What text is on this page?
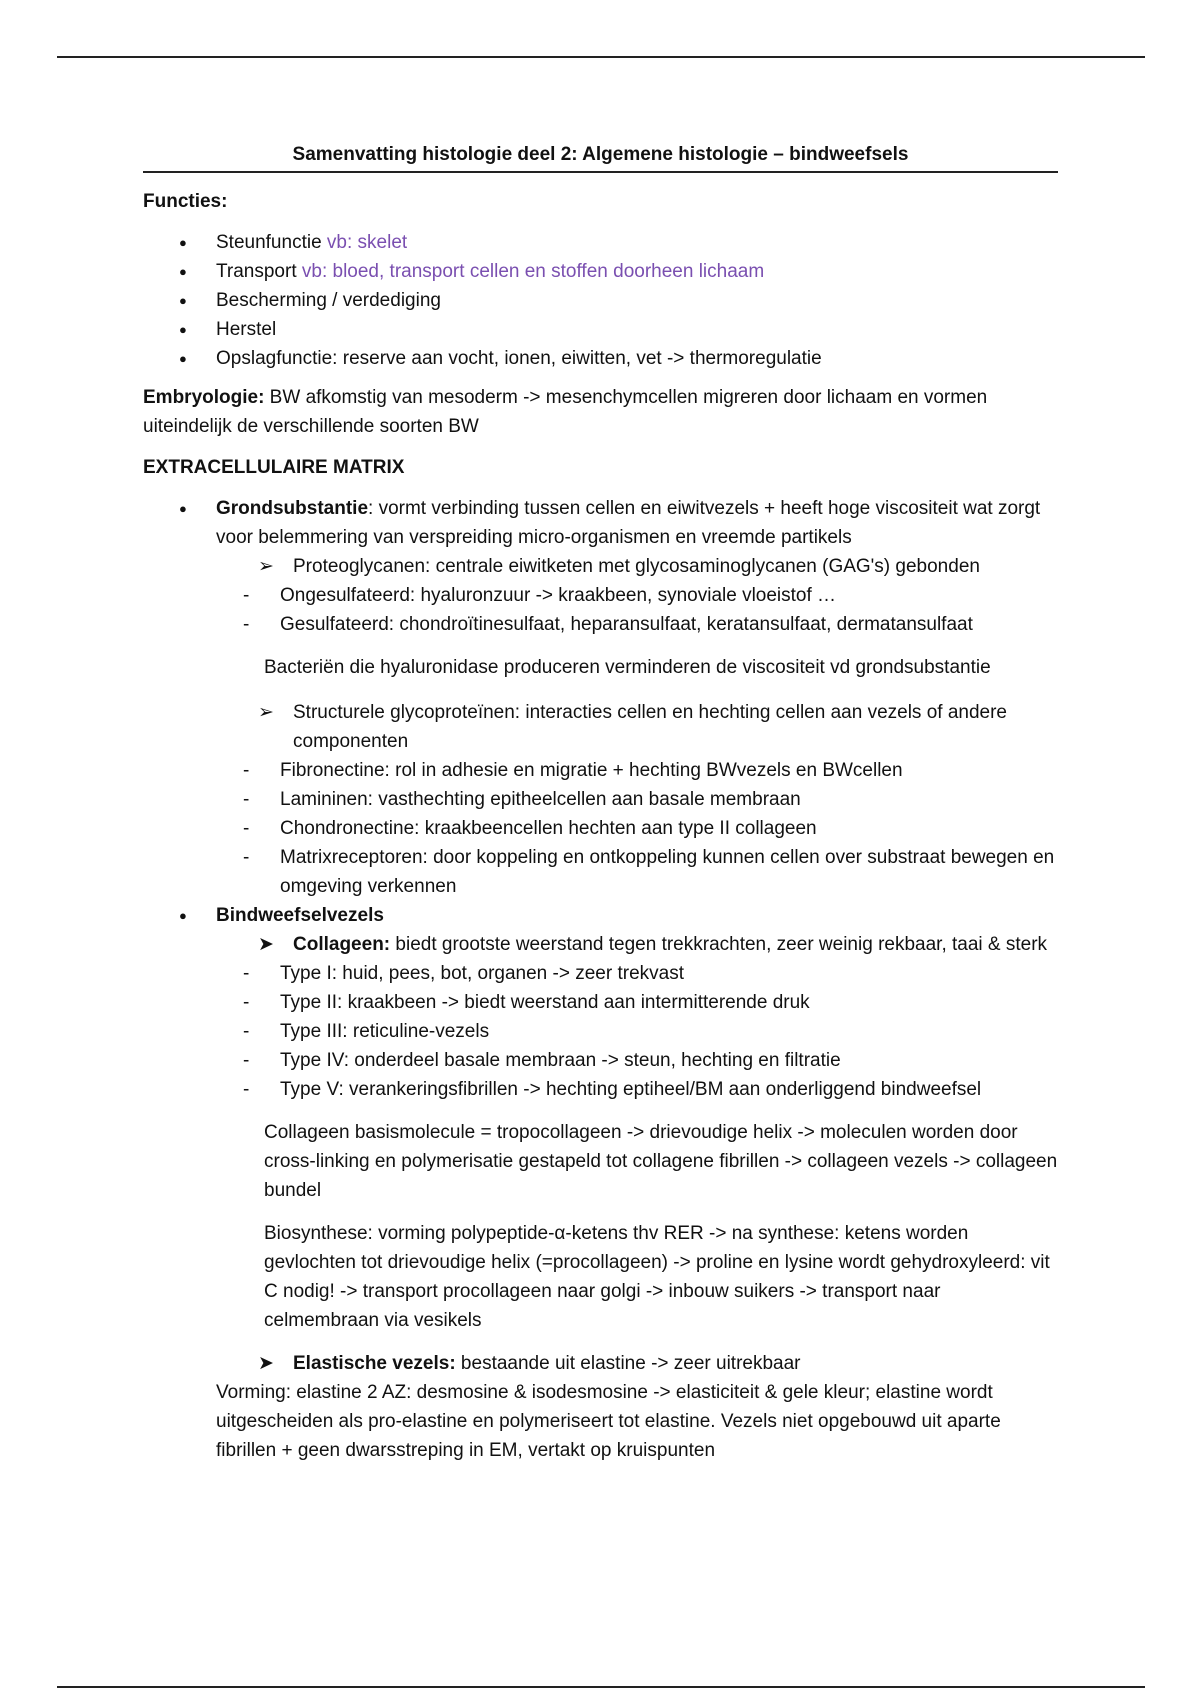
Samenvatting histologie deel 2: Algemene histologie – bindweefsels
Functies:
● Steunfunctie vb: skelet
● Transport vb: bloed, transport cellen en stoffen doorheen lichaam
● Bescherming / verdediging
● Herstel
● Opslagfunctie: reserve aan vocht, ionen, eiwitten, vet -> thermoregulatie
Embryologie: BW afkomstig van mesoderm -> mesenchymcellen migreren door lichaam en vormen uiteindelijk de verschillende soorten BW
EXTRACELLULAIRE MATRIX
● Grondsubstantie: vormt verbinding tussen cellen en eiwitvezels + heeft hoge viscositeit wat zorgt voor belemmering van verspreiding micro-organismen en vreemde partikels
➢ Proteoglycanen: centrale eiwitketen met glycosaminoglycanen (GAG's) gebonden
- Ongesulfateerd: hyaluronzuur -> kraakbeen, synoviale vloeistof …
- Gesulfateerd: chondroïtinesulfaat, heparansulfaat, keratansulfaat, dermatansulfaat
Bacteriën die hyaluronidase produceren verminderen de viscositeit vd grondsubstantie
➢ Structurele glycoproteïnen: interacties cellen en hechting cellen aan vezels of andere componenten
- Fibronectine: rol in adhesie en migratie + hechting BWvezels en BWcellen
- Lamininen: vasthechting epitheelcellen aan basale membraan
- Chondronectine: kraakbeencellen hechten aan type II collageen
- Matrixreceptoren: door koppeling en ontkoppeling kunnen cellen over substraat bewegen en omgeving verkennen
● Bindweefselvezels
➤ Collageen: biedt grootste weerstand tegen trekkrachten, zeer weinig rekbaar, taai & sterk
- Type I: huid, pees, bot, organen -> zeer trekvast
- Type II: kraakbeen -> biedt weerstand aan intermitterende druk
- Type III: reticuline-vezels
- Type IV: onderdeel basale membraan -> steun, hechting en filtratie
- Type V: verankeringsfibrillen -> hechting eptiheel/BM aan onderliggend bindweefsel
Collageen basismolecule = tropocollageen -> drievoudige helix -> moleculen worden door cross-linking en polymerisatie gestapeld tot collagene fibrillen -> collageen vezels -> collageen bundel
Biosynthese: vorming polypeptide-α-ketens thv RER -> na synthese: ketens worden gevlochten tot drievoudige helix (=procollageen) -> proline en lysine wordt gehydroxyleerd: vit C nodig! -> transport procollageen naar golgi -> inbouw suikers -> transport naar celmembraan via vesikels
➤ Elastische vezels: bestaande uit elastine -> zeer uitrekbaar
Vorming: elastine 2 AZ: desmosine & isodesmosine -> elasticiteit & gele kleur; elastine wordt uitgescheiden als pro-elastine en polymeriseert tot elastine. Vezels niet opgebouwd uit aparte fibrillen + geen dwarsstreping in EM, vertakt op kruispunten
